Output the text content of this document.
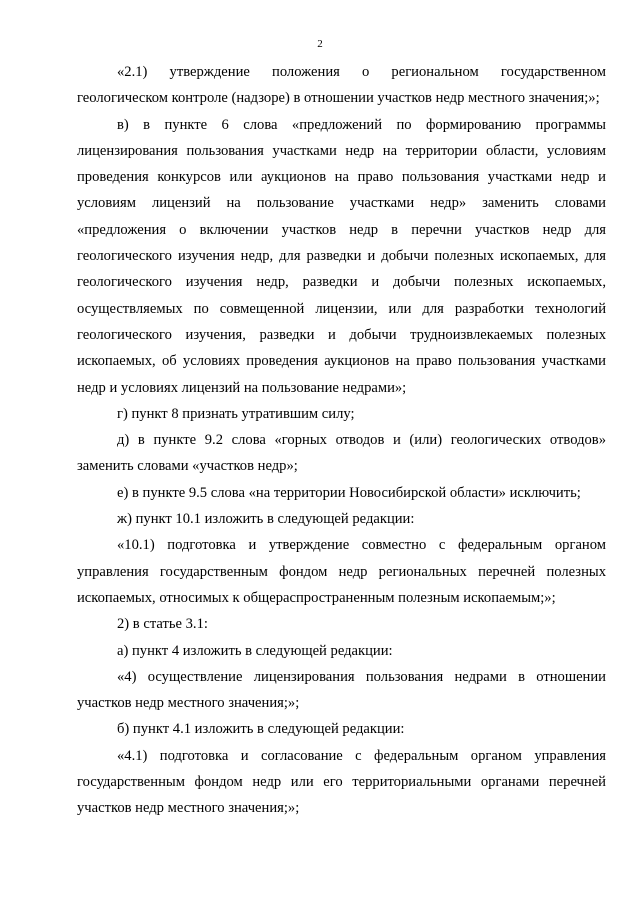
2

«2.1) утверждение положения о региональном государственном геологическом контроле (надзоре) в отношении участков недр местного значения;»;

в) в пункте 6 слова «предложений по формированию программы лицензирования пользования участками недр на территории области, условиям проведения конкурсов или аукционов на право пользования участками недр и условиям лицензий на пользование участками недр» заменить словами «предложения о включении участков недр в перечни участков недр для геологического изучения недр, для разведки и добычи полезных ископаемых, для геологического изучения недр, разведки и добычи полезных ископаемых, осуществляемых по совмещенной лицензии, или для разработки технологий геологического изучения, разведки и добычи трудноизвлекаемых полезных ископаемых, об условиях проведения аукционов на право пользования участками недр и условиях лицензий на пользование недрами»;

г) пункт 8 признать утратившим силу;

д) в пункте 9.2 слова «горных отводов и (или) геологических отводов» заменить словами «участков недр»;

е) в пункте 9.5 слова «на территории Новосибирской области» исключить;

ж) пункт 10.1 изложить в следующей редакции:

«10.1) подготовка и утверждение совместно с федеральным органом управления государственным фондом недр региональных перечней полезных ископаемых, относимых к общераспространенным полезным ископаемым;»;

2) в статье 3.1:

а) пункт 4 изложить в следующей редакции:

«4) осуществление лицензирования пользования недрами в отношении участков недр местного значения;»;

б) пункт 4.1 изложить в следующей редакции:

«4.1) подготовка и согласование с федеральным органом управления государственным фондом недр или его территориальными органами перечней участков недр местного значения;»;
